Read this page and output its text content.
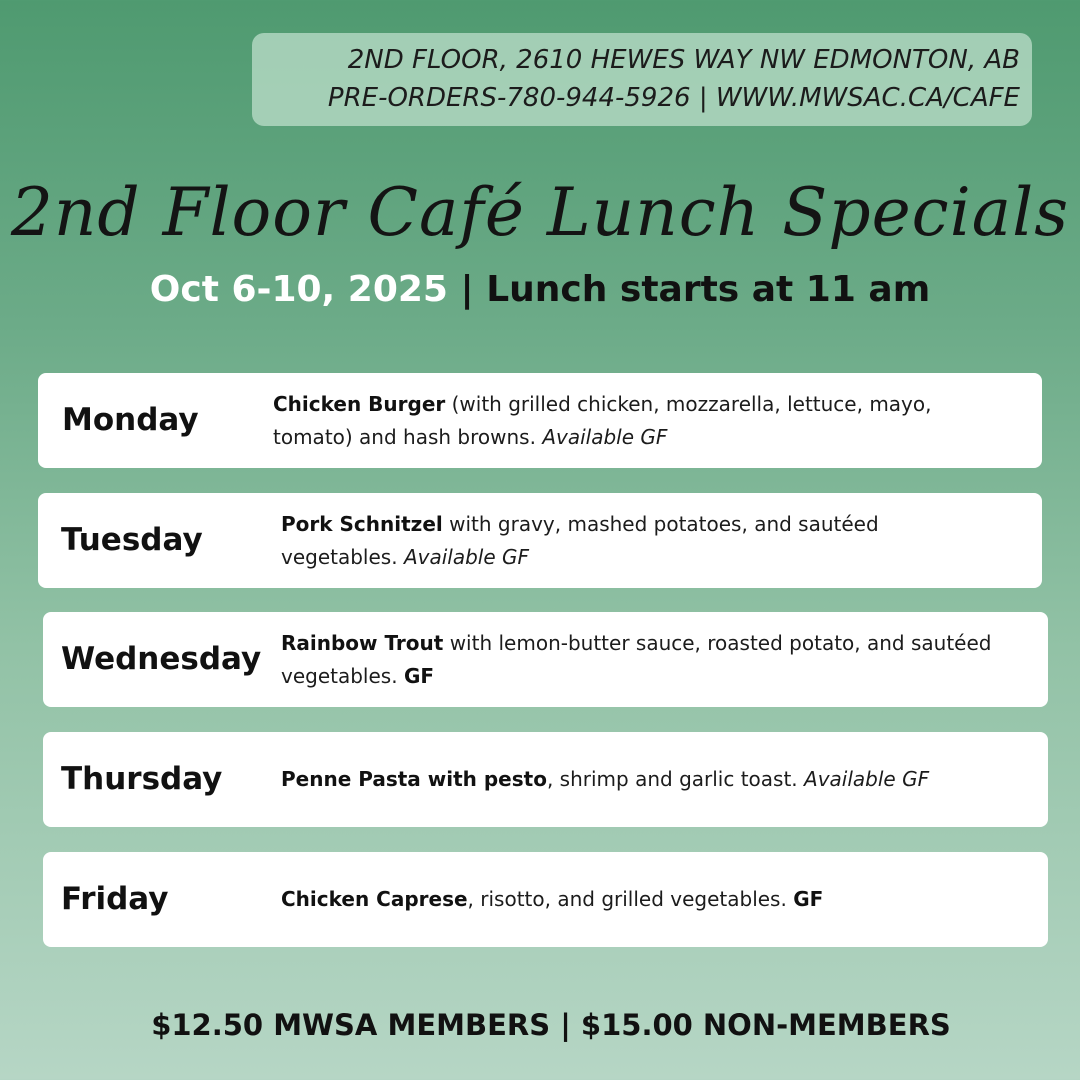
2ND FLOOR, 2610 HEWES WAY NW EDMONTON, AB
PRE-ORDERS-780-944-5926 | WWW.MWSAC.CA/CAFE
2nd Floor Café Lunch Specials
Oct 6-10, 2025 | Lunch starts at 11 am
Monday	Chicken Burger (with grilled chicken, mozzarella, lettuce, mayo, tomato) and hash browns. Available GF
Tuesday	Pork Schnitzel with gravy, mashed potatoes, and sautéed vegetables. Available GF
Wednesday Rainbow Trout with lemon-butter sauce, roasted potato, and sautéed vegetables. GF
Thursday	Penne Pasta with pesto, shrimp and garlic toast. Available GF
Friday	Chicken Caprese, risotto, and grilled vegetables. GF
$12.50 MWSA MEMBERS | $15.00 NON-MEMBERS
